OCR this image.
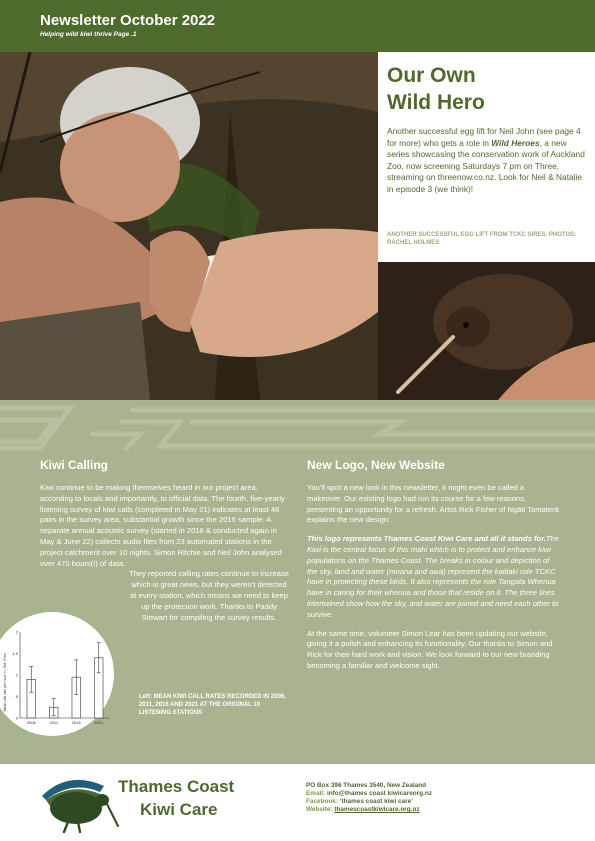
Newsletter October 2022
Helping wild kiwi thrive Page .1
Our Own
Wild Hero

Another successful egg lift for Neil John (see page 4 for more) who gets a role in Wild Heroes, a new series showcasing the conservation work of Auckland Zoo, now screening Saturdays 7 pm on Three, streaming on threenow.co.nz. Look for Neil & Natalie in episode 3 (we think)!

ANOTHER SUCCESSFUL EGG LIFT FROM TCKC SIRES. PHOTOS: RACHEL HOLMES
Kiwi Calling

Kiwi continue to be making themselves heard in our project area, according to locals and importantly, to official data. The fourth, five-yearly listening survey of kiwi calls (completed in May 21) indicates at least 48 pairs in the survey area, substantial growth since the 2016 sample. A separate annual acoustic survey (started in 2018 & conducted again in May & June 22) collects audio files from 23 automated stations in the project catchment over 10 nights. Simon Ritchie and Neil John analysed over 470 hours(!) of data.

They reported calling rates continue to increase which is great news, but they weren’t detected at every station, which means we need to keep up the protection work. Thanks to Paddy Stewart for compiling the survey results.

Mean call rate per hour +/- Std. Error
0
.5
1
1.5
2
2006	2011	2016	2021
Left: MEAN KIWI CALL RATES RECORDED IN 2006, 2011, 2016 AND 2021 AT THE ORIGINAL 10 LISTENING STATIONS
New Logo, New Website

You’ll spot a new look in this newsletter, it might even be called a makeover. Our existing logo had run its course for a few reasons, presenting an opportunity for a refresh. Artist Rick Fisher of Ngāti Tamaterā explains the new design:

This logo represents Thames Coast Kiwi Care and all it stands for.The Kiwi is the central focus of this mahi which is to protect and enhance kiwi populations on the Thames Coast. The breaks in colour and depiction of the sky, land and water (moana and awa) represent the kaitiaki role TCKC have in protecting these birds. It also represents the role Tangata Whenua have in caring for their whenua and those that reside on it. The three lines intertwined show how the sky, and water are joined and need each other to survive.

At the same time, volunteer Simon Lear has been updating our website, giving it a polish and enhancing its functionality. Our thanks to Simon and Rick for their hard work and vision. We look forward to our new branding becoming a familiar and welcome sight.

Thames Coast
Kiwi Care
PO Box 396 Thames 3540, New Zealand
Email: info@thames coast kiwicareorg.nz
Facebook: ‘thames coast kiwi care’
Website: thamescoastkiwicare.org.nz
